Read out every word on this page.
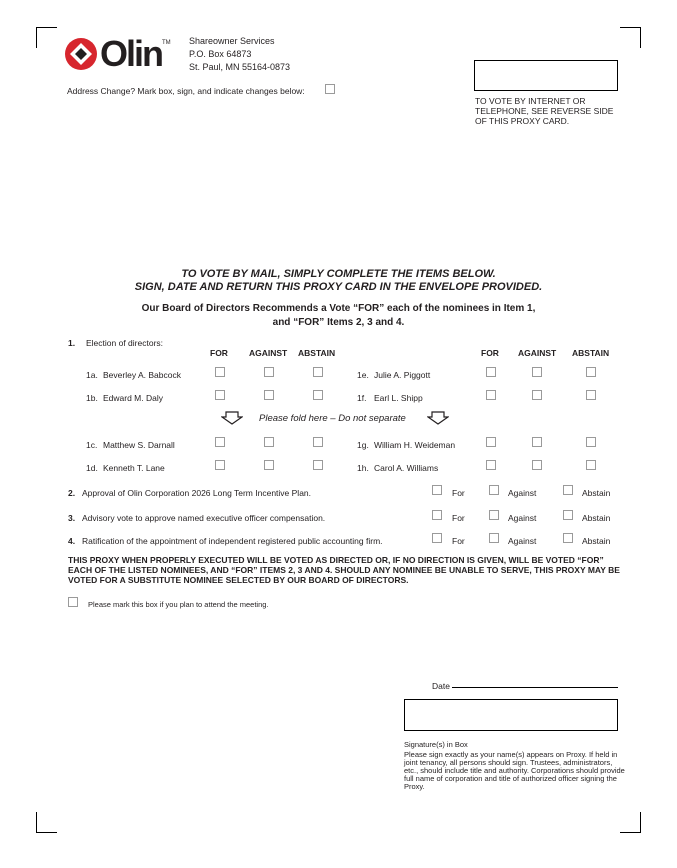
Olin TM Shareowner Services
P.O. Box 64873
St. Paul, MN 55164-0873
Address Change? Mark box, sign, and indicate changes below:
TO VOTE BY INTERNET OR TELEPHONE, SEE REVERSE SIDE OF THIS PROXY CARD.
TO VOTE BY MAIL, SIMPLY COMPLETE THE ITEMS BELOW.
SIGN, DATE AND RETURN THIS PROXY CARD IN THE ENVELOPE PROVIDED.
Our Board of Directors Recommends a Vote “FOR” each of the nominees in Item 1,
and “FOR” Items 2, 3 and 4.
1. Election of directors:
FOR AGAINST ABSTAIN	FOR AGAINST ABSTAIN
1a. Beverley A. Babcock	1e. Julie A. Piggott
1b. Edward M. Daly	1f. Earl L. Shipp
1c. Matthew S. Darnall	1g. William H. Weideman
1d. Kenneth T. Lane	1h. Carol A. Williams
Please fold here – Do not separate
2. Approval of Olin Corporation 2026 Long Term Incentive Plan.	For	Against	Abstain
3. Advisory vote to approve named executive officer compensation.	For	Against	Abstain
4. Ratification of the appointment of independent registered public accounting firm.	For	Against	Abstain
THIS PROXY WHEN PROPERLY EXECUTED WILL BE VOTED AS DIRECTED OR, IF NO DIRECTION IS GIVEN, WILL BE VOTED “FOR” EACH OF THE LISTED NOMINEES, AND “FOR” ITEMS 2, 3 AND 4. SHOULD ANY NOMINEE BE UNABLE TO SERVE, THIS PROXY MAY BE VOTED FOR A SUBSTITUTE NOMINEE SELECTED BY OUR BOARD OF DIRECTORS.
Please mark this box if you plan to attend the meeting.
Date
Signature(s) in Box
Please sign exactly as your name(s) appears on Proxy. If held in joint tenancy, all persons should sign. Trustees, administrators, etc., should include title and authority. Corporations should provide full name of corporation and title of authorized officer signing the Proxy.
